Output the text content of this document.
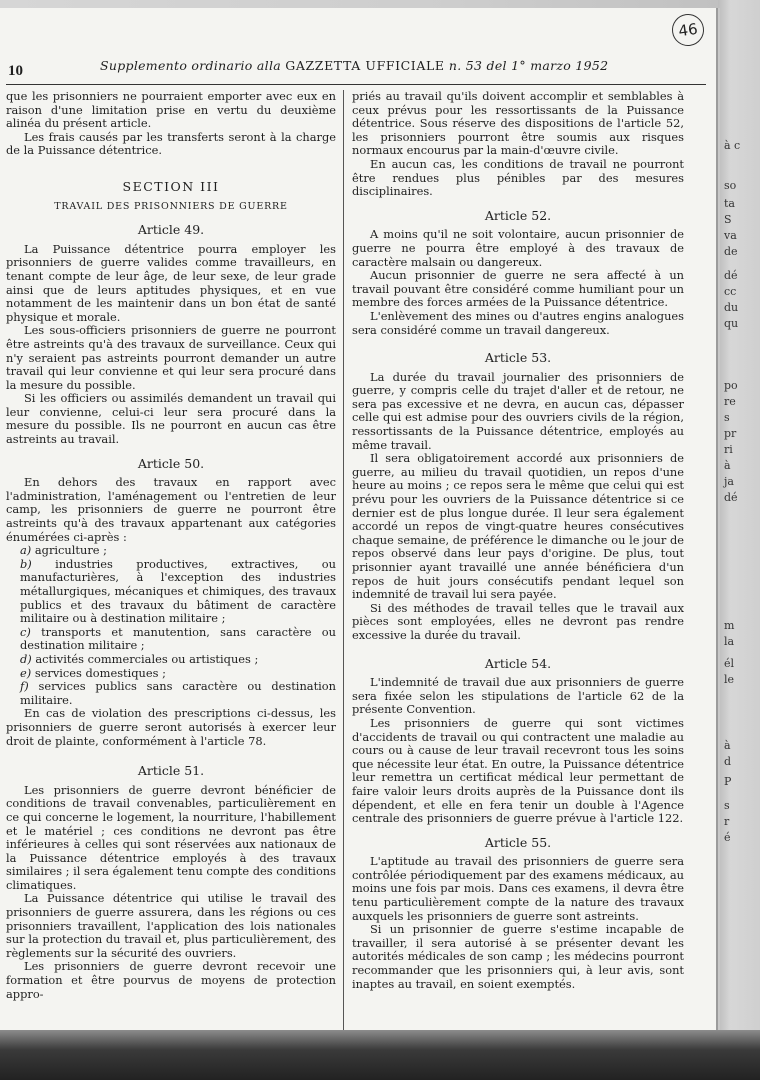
à c
so
ta
S
va
de
dé
cc
du
qu
po
re
s
pr
ri
à
ja
dé
m
la
él
le
à
d
P
s
r
é
10	Supplemento ordinario alla GAZZETTA UFFICIALE n. 53 del 1° marzo 1952
46

que les prisonniers ne pourraient emporter avec eux en raison d'une limitation prise en vertu du deuxième alinéa du présent article.

Les frais causés par les transferts seront à la charge de la Puissance détentrice.

SECTION III
TRAVAIL DES PRISONNIERS DE GUERRE
Article 49.

La Puissance détentrice pourra employer les prisonniers de guerre valides comme travailleurs, en tenant compte de leur âge, de leur sexe, de leur grade ainsi que de leurs aptitudes physiques, et en vue notamment de les maintenir dans un bon état de santé physique et morale.

Les sous-officiers prisonniers de guerre ne pourront être astreints qu'à des travaux de surveillance. Ceux qui n'y seraient pas astreints pourront demander un autre travail qui leur convienne et qui leur sera procuré dans la mesure du possible.

Si les officiers ou assimilés demandent un travail qui leur convienne, celui-ci leur sera procuré dans la mesure du possible. Ils ne pourront en aucun cas être astreints au travail.

Article 50.

En dehors des travaux en rapport avec l'administration, l'aménagement ou l'entretien de leur camp, les prisonniers de guerre ne pourront être astreints qu'à des travaux appartenant aux catégories énumérées ci-après :

a) agriculture ;

b) industries productives, extractives, ou manufacturières, à l'exception des industries métallurgiques, mécaniques et chimiques, des travaux publics et des travaux du bâtiment de caractère militaire ou à destination militaire ;

c) transports et manutention, sans caractère ou destination militaire ;

d) activités commerciales ou artistiques ;

e) services domestiques ;

f) services publics sans caractère ou destination militaire.

En cas de violation des prescriptions ci-dessus, les prisonniers de guerre seront autorisés à exercer leur droit de plainte, conformément à l'article 78.

Article 51.

Les prisonniers de guerre devront bénéficier de conditions de travail convenables, particulièrement en ce qui concerne le logement, la nourriture, l'habillement et le matériel ; ces conditions ne devront pas être inférieures à celles qui sont réservées aux nationaux de la Puissance détentrice employés à des travaux similaires ; il sera également tenu compte des conditions climatiques.

La Puissance détentrice qui utilise le travail des prisonniers de guerre assurera, dans les régions ou ces prisonniers travaillent, l'application des lois nationales sur la protection du travail et, plus particulièrement, des règlements sur la sécurité des ouvriers.

Les prisonniers de guerre devront recevoir une formation et être pourvus de moyens de protection appro-

priés au travail qu'ils doivent accomplir et semblables à ceux prévus pour les ressortissants de la Puissance détentrice. Sous réserve des dispositions de l'article 52, les prisonniers pourront être soumis aux risques normaux encourus par la main-d'œuvre civile.

En aucun cas, les conditions de travail ne pourront être rendues plus pénibles par des mesures disciplinaires.

Article 52.

A moins qu'il ne soit volontaire, aucun prisonnier de guerre ne pourra être employé à des travaux de caractère malsain ou dangereux.

Aucun prisonnier de guerre ne sera affecté à un travail pouvant être considéré comme humiliant pour un membre des forces armées de la Puissance détentrice.

L'enlèvement des mines ou d'autres engins analogues sera considéré comme un travail dangereux.

Article 53.

La durée du travail journalier des prisonniers de guerre, y compris celle du trajet d'aller et de retour, ne sera pas excessive et ne devra, en aucun cas, dépasser celle qui est admise pour des ouvriers civils de la région, ressortissants de la Puissance détentrice, employés au même travail.

Il sera obligatoirement accordé aux prisonniers de guerre, au milieu du travail quotidien, un repos d'une heure au moins ; ce repos sera le même que celui qui est prévu pour les ouvriers de la Puissance détentrice si ce dernier est de plus longue durée. Il leur sera également accordé un repos de vingt-quatre heures consécutives chaque semaine, de préférence le dimanche ou le jour de repos observé dans leur pays d'origine. De plus, tout prisonnier ayant travaillé une année bénéficiera d'un repos de huit jours consécutifs pendant lequel son indemnité de travail lui sera payée.

Si des méthodes de travail telles que le travail aux pièces sont employées, elles ne devront pas rendre excessive la durée du travail.

Article 54.

L'indemnité de travail due aux prisonniers de guerre sera fixée selon les stipulations de l'article 62 de la présente Convention.

Les prisonniers de guerre qui sont victimes d'accidents de travail ou qui contractent une maladie au cours ou à cause de leur travail recevront tous les soins que nécessite leur état. En outre, la Puissance détentrice leur remettra un certificat médical leur permettant de faire valoir leurs droits auprès de la Puissance dont ils dépendent, et elle en fera tenir un double à l'Agence centrale des prisonniers de guerre prévue à l'article 122.

Article 55.

L'aptitude au travail des prisonniers de guerre sera contrôlée périodiquement par des examens médicaux, au moins une fois par mois. Dans ces examens, il devra être tenu particulièrement compte de la nature des travaux auxquels les prisonniers de guerre sont astreints.

Si un prisonnier de guerre s'estime incapable de travailler, il sera autorisé à se présenter devant les autorités médicales de son camp ; les médecins pourront recommander que les prisonniers qui, à leur avis, sont inaptes au travail, en soient exemptés.
